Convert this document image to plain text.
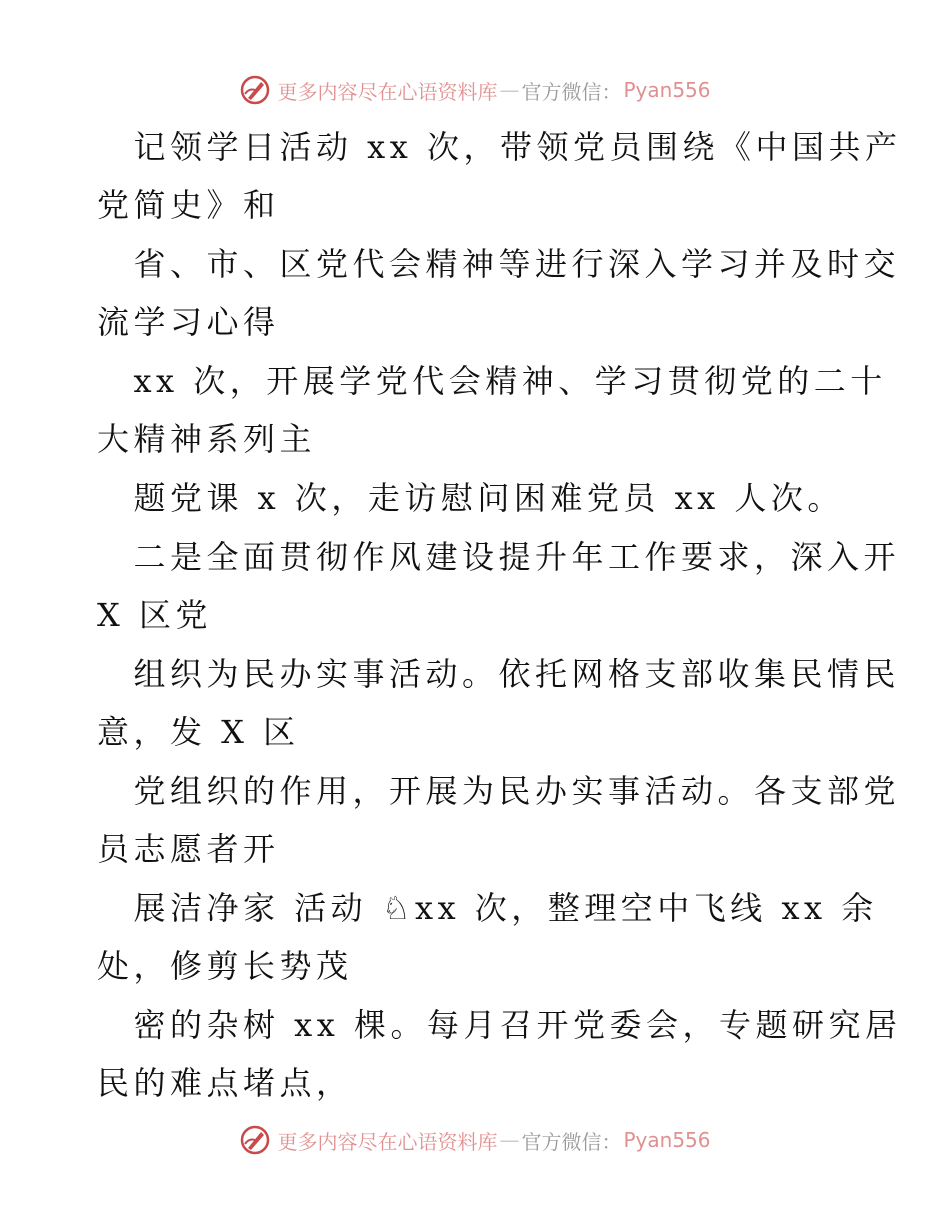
更多内容尽在心语资料库 — 官方微信： Pyan556
　记领学日活动 xx 次，带领党员围绕《中国共产
党简史》和
　省、市、区党代会精神等进行深入学习并及时交
流学习心得
　xx 次，开展学党代会精神、学习贯彻党的二十
大精神系列主
　题党课 x 次，走访慰问困难党员 xx 人次。
　二是全面贯彻作风建设提升年工作要求，深入开
X 区党
　组织为民办实事活动。依托网格支部收集民情民
意，发 X 区
　党组织的作用，开展为民办实事活动。各支部党
员志愿者开
　展洁净家 活动 ♘xx 次，整理空中飞线 xx 余
处，修剪长势茂
　密的杂树 xx 棵。每月召开党委会，专题研究居
民的难点堵点，
更多内容尽在心语资料库 — 官方微信： Pyan556
